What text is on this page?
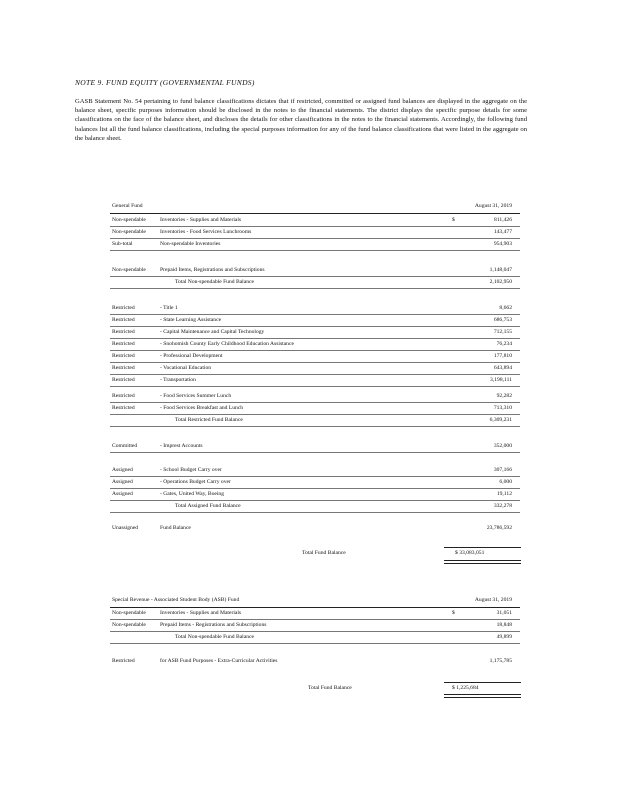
NOTE 9. FUND EQUITY (GOVERNMENTAL FUNDS)
GASB Statement No. 54 pertaining to fund balance classifications dictates that if restricted, committed or assigned fund balances are displayed in the aggregate on the balance sheet, specific purposes information should be disclosed in the notes to the financial statements. The district displays the specific purpose details for some classifications on the face of the balance sheet, and discloses the details for other classifications in the notes to the financial statements. Accordingly, the following fund balances list all the fund balance classifications, including the special purposes information for any of the fund balance classifications that were listed in the aggregate on the balance sheet.
General Fund	August 31, 2019
Non-spendable	Inventories - Supplies and Materials	$	811,426
Non-spendable	Inventories - Food Services Lunchrooms	143,477
Sub-total	Non-spendable Inventories	954,903
Non-spendable	Prepaid Items, Registrations and Subscriptions	1,148,047
Total Non-spendable Fund Balance	2,102,950
Restricted	- Title 1	8,662
Restricted	- State Learning Assistance	686,753
Restricted	- Capital Maintenance and Capital Technology	712,155
Restricted	- Snohomish County Early Childhood Education Assistance	76,234
Restricted	- Professional Development	177,810
Restricted	- Vocational Education	643,894
Restricted	- Transportation	3,198,111
Restricted	- Food Services Summer Lunch	92,282
Restricted	- Food Services Breakfast and Lunch	713,310
Total Restricted Fund Balance	6,309,231
Committed	- Imprest Accounts	352,000
Assigned	- School Budget Carry over	307,166
Assigned	- Operations Budget Carry over	6,000
Assigned	- Gates, United Way, Boeing	19,112
Total Assigned Fund Balance	332,278
Unassigned	Fund Balance	23,786,592
Total Fund Balance	$ 33,083,051
Special Revenue - Associated Student Body (ASB) Fund	August 31, 2019
Non-spendable	Inventories - Supplies and Materials	$	31,051
Non-spendable	Prepaid Items - Registrations and Subscriptions	18,848
Total Non-spendable Fund Balance	49,899
Restricted	for ASB Fund Purposes - Extra-Curricular Activities	1,175,785
Total Fund Balance	$ 1,225,684
